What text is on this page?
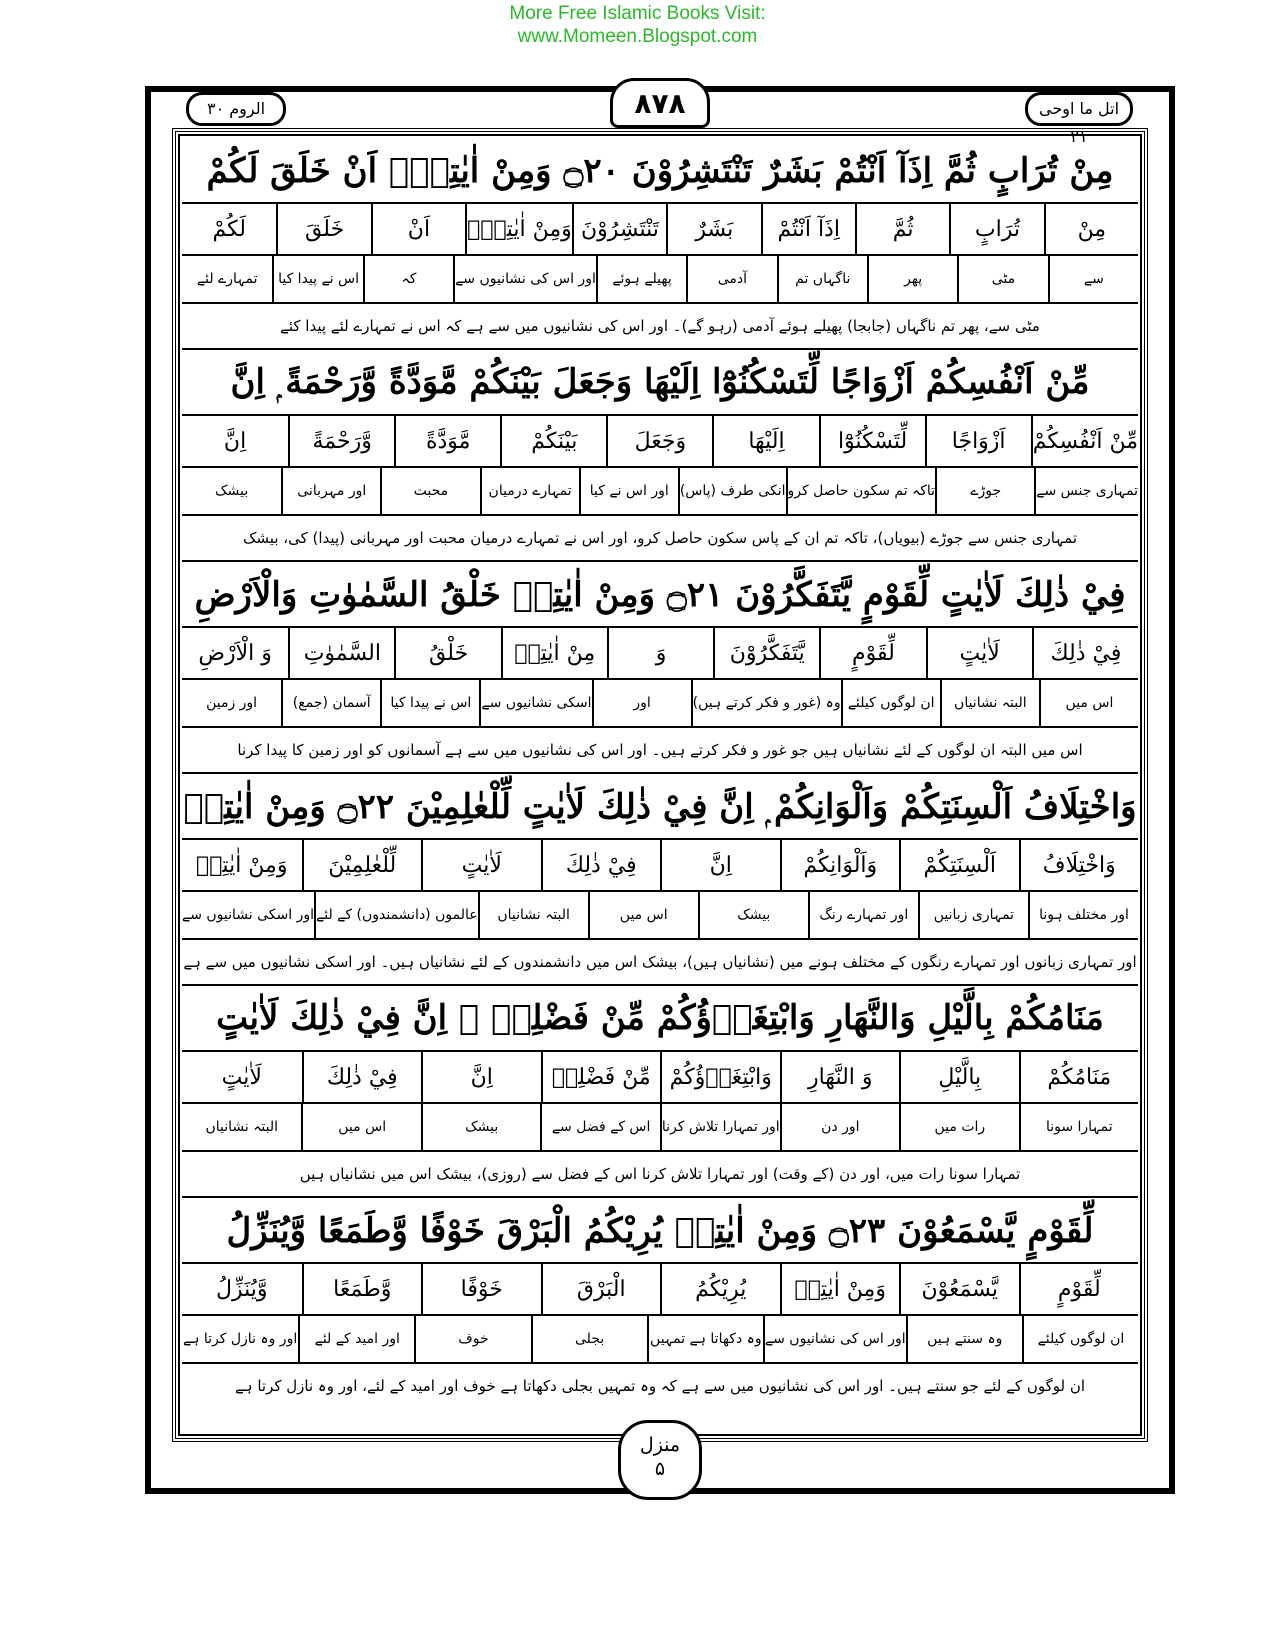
More Free Islamic Books Visit:
www.Momeen.Blogspot.com
الروم ۳۰	اتل ما اوحی ۲۱
۸۷۸
مِنْ تُرَابٍ ثُمَّ اِذَآ اَنْتُمْ بَشَرٌ تَنْتَشِرُوْنَ ۝۲۰ وَمِنْ اٰيٰتِهٖٓ اَنْ خَلَقَ لَكُمْ
مِنْ
تُرَابٍ
ثُمَّ
اِذَآ اَنْتُمْ
بَشَرٌ
تَنْتَشِرُوْنَ
وَمِنْ اٰيٰتِهٖٓ
اَنْ
خَلَقَ
لَكُمْ
سے
مٹی
پھر
ناگہاں تم
آدمی
پھیلے ہوئے
اور اس کی نشانیوں سے
کہ
اس نے پیدا کیا
تمہارے لئے
مٹی سے، پھر تم ناگہاں (جابجا) پھیلے ہوئے آدمی (رہو گے)۔ اور اس کی نشانیوں میں سے ہے کہ اس نے تمہارے لئے پیدا کئے
مِّنْ اَنْفُسِكُمْ اَزْوَاجًا لِّتَسْكُنُوْٓا اِلَيْهَا وَجَعَلَ بَيْنَكُمْ مَّوَدَّةً وَّرَحْمَةً ۭ اِنَّ
مِّنْ اَنْفُسِكُمْ
اَزْوَاجًا
لِّتَسْكُنُوْٓا
اِلَيْهَا
وَجَعَلَ
بَيْنَكُمْ
مَّوَدَّةً
وَّرَحْمَةً
اِنَّ
تمہاری جنس سے
جوڑے
تاکہ تم سکون حاصل کرو
انکی طرف (پاس)
اور اس نے کیا
تمہارے درمیان
محبت
اور مہربانی
بیشک
تمہاری جنس سے جوڑے (بیویاں)، تاکہ تم ان کے پاس سکون حاصل کرو، اور اس نے تمہارے درمیان محبت اور مہربانی (پیدا) کی، بیشک
فِيْ ذٰلِكَ لَاٰيٰتٍ لِّقَوْمٍ يَّتَفَكَّرُوْنَ ۝۲۱ وَمِنْ اٰيٰتِهٖ خَلْقُ السَّمٰوٰتِ وَالْاَرْضِ
فِيْ ذٰلِكَ
لَاٰيٰتٍ
لِّقَوْمٍ
يَّتَفَكَّرُوْنَ
وَ
مِنْ اٰيٰتِهٖ
خَلْقُ
السَّمٰوٰتِ
وَ الْاَرْضِ
اس میں
البتہ نشانیاں
ان لوگوں کیلئے
وہ (غور و فکر کرتے ہیں)
اور
اسکی نشانیوں سے
اس نے پیدا کیا
آسمان (جمع)
اور زمین
اس میں البتہ ان لوگوں کے لئے نشانیاں ہیں جو غور و فکر کرتے ہیں۔ اور اس کی نشانیوں میں سے ہے آسمانوں کو اور زمین کا پیدا کرنا
وَاخْتِلَافُ اَلْسِنَتِكُمْ وَاَلْوَانِكُمْ ۭ اِنَّ فِيْ ذٰلِكَ لَاٰيٰتٍ لِّلْعٰلِمِيْنَ ۝۲۲ وَمِنْ اٰيٰتِهٖ
وَاخْتِلَافُ
اَلْسِنَتِكُمْ
وَاَلْوَانِكُمْ
اِنَّ
فِيْ ذٰلِكَ
لَاٰيٰتٍ
لِّلْعٰلِمِيْنَ
وَمِنْ اٰيٰتِهٖ
اور مختلف ہونا
تمہاری زبانیں
اور تمہارے رنگ
بیشک
اس میں
البتہ نشانیاں
عالموں (دانشمندوں) کے لئے
اور اسکی نشانیوں سے
اور تمہاری زبانوں اور تمہارے رنگوں کے مختلف ہونے میں (نشانیاں ہیں)، بیشک اس میں دانشمندوں کے لئے نشانیاں ہیں۔ اور اسکی نشانیوں میں سے ہے
مَنَامُكُمْ بِالَّيْلِ وَالنَّهَارِ وَابْتِغَاۗؤُكُمْ مِّنْ فَضْلِهٖ ۭ اِنَّ فِيْ ذٰلِكَ لَاٰيٰتٍ
مَنَامُكُمْ
بِالَّيْلِ
وَ النَّهَارِ
وَابْتِغَاۗؤُكُمْ
مِّنْ فَضْلِهٖ
اِنَّ
فِيْ ذٰلِكَ
لَاٰيٰتٍ
تمہارا سونا
رات میں
اور دن
اور تمہارا تلاش کرنا
اس کے فضل سے
بیشک
اس میں
البتہ نشانیاں
تمہارا سونا رات میں، اور دن (کے وقت) اور تمہارا تلاش کرنا اس کے فضل سے (روزی)، بیشک اس میں نشانیاں ہیں
لِّقَوْمٍ يَّسْمَعُوْنَ ۝۲۳ وَمِنْ اٰيٰتِهٖ يُرِيْكُمُ الْبَرْقَ خَوْفًا وَّطَمَعًا وَّيُنَزِّلُ
لِّقَوْمٍ
يَّسْمَعُوْنَ
وَمِنْ اٰيٰتِهٖ
يُرِيْكُمُ
الْبَرْقَ
خَوْفًا
وَّطَمَعًا
وَّيُنَزِّلُ
ان لوگوں کیلئے
وہ سنتے ہیں
اور اس کی نشانیوں سے
وہ دکھاتا ہے تمہیں
بجلی
خوف
اور امید کے لئے
اور وہ نازل کرتا ہے
ان لوگوں کے لئے جو سنتے ہیں۔ اور اس کی نشانیوں میں سے ہے کہ وہ تمہیں بجلی دکھاتا ہے خوف اور امید کے لئے، اور وہ نازل کرتا ہے
منزل
۵
